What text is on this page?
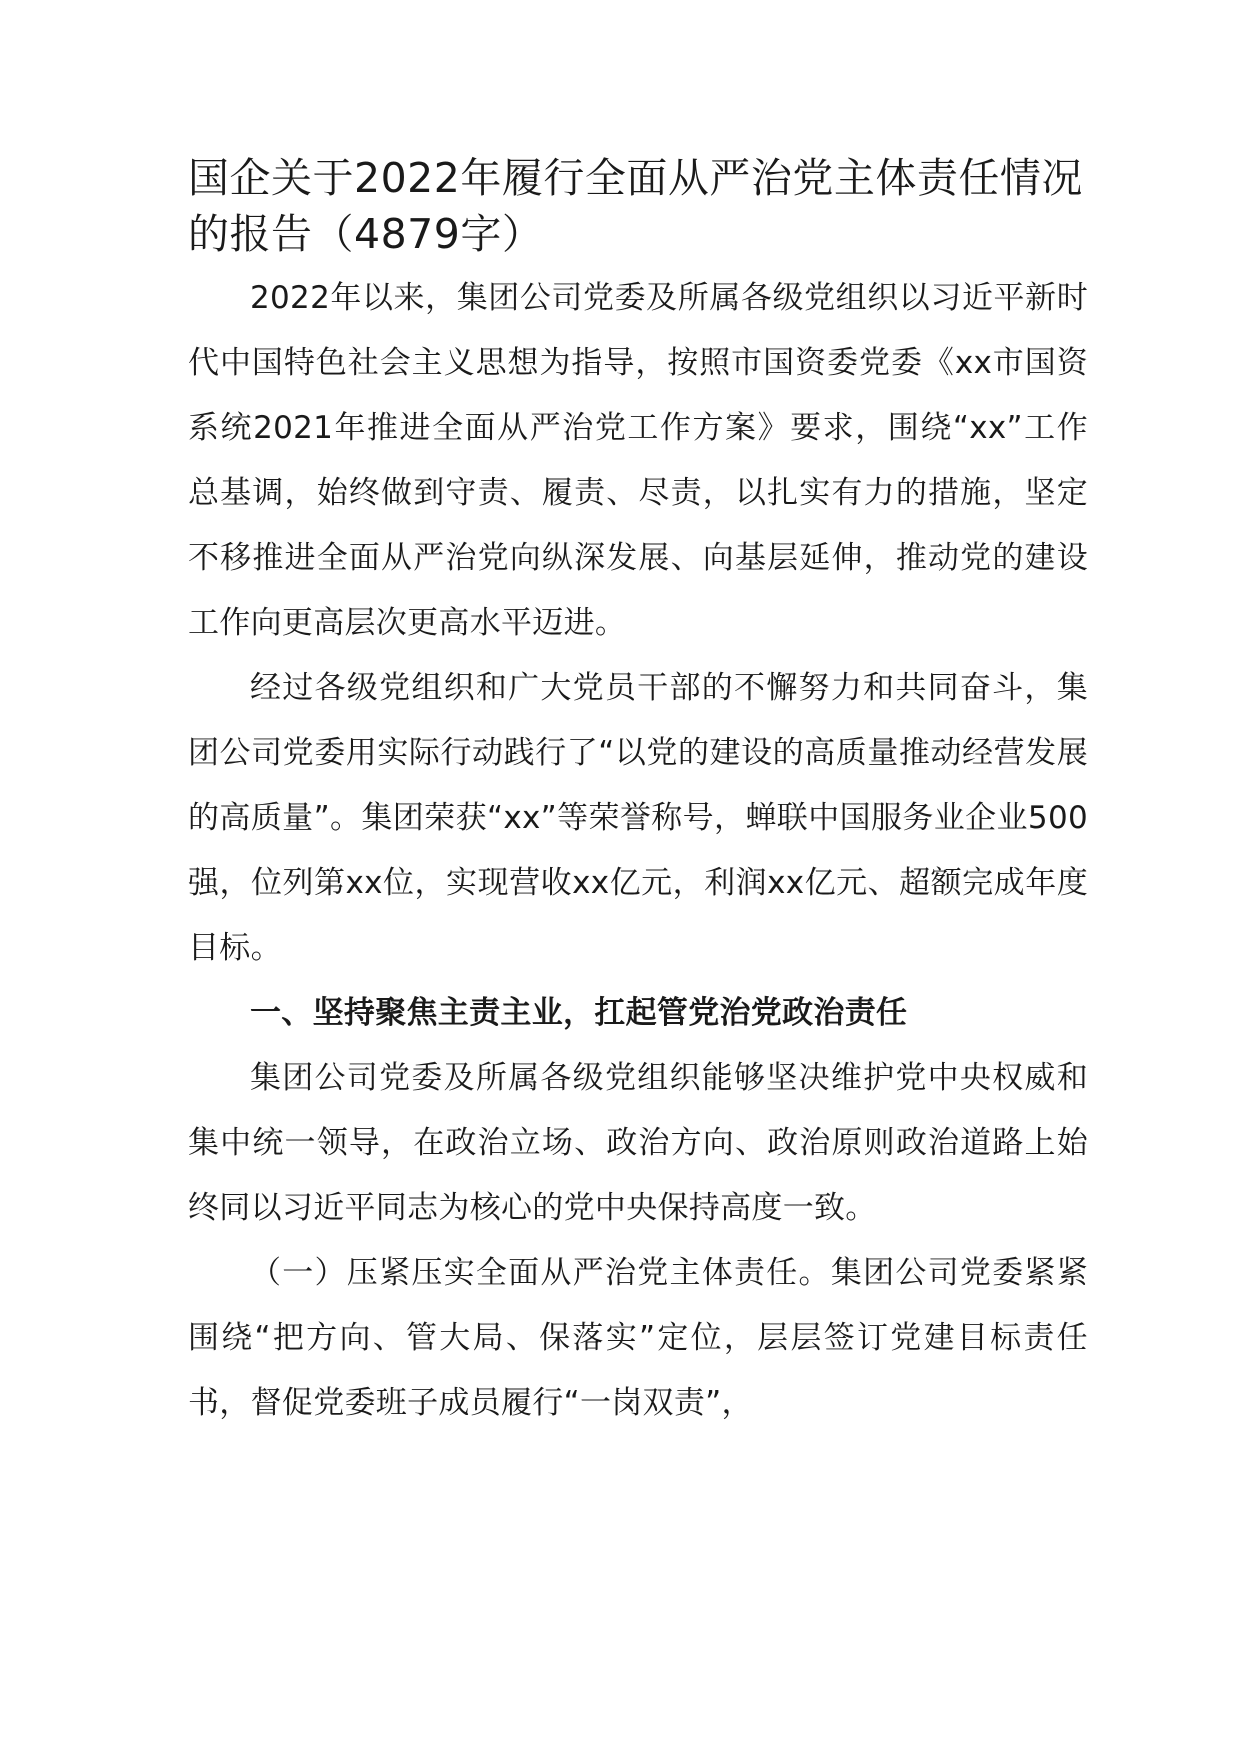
国企关于2022年履行全面从严治党主体责任情况的报告（4879字）

2022年以来，集团公司党委及所属各级党组织以习近平新时代中国特色社会主义思想为指导，按照市国资委党委《xx市国资系统2021年推进全面从严治党工作方案》要求，围绕“xx”工作总基调，始终做到守责、履责、尽责，以扎实有力的措施，坚定不移推进全面从严治党向纵深发展、向基层延伸，推动党的建设工作向更高层次更高水平迈进。

经过各级党组织和广大党员干部的不懈努力和共同奋斗，集团公司党委用实际行动践行了“以党的建设的高质量推动经营发展的高质量”。集团荣获“xx”等荣誉称号，蝉联中国服务业企业500强，位列第xx位，实现营收xx亿元，利润xx亿元、超额完成年度目标。

一、坚持聚焦主责主业，扛起管党治党政治责任

集团公司党委及所属各级党组织能够坚决维护党中央权威和集中统一领导，在政治立场、政治方向、政治原则政治道路上始终同以习近平同志为核心的党中央保持高度一致。

（一）压紧压实全面从严治党主体责任。集团公司党委紧紧围绕“把方向、管大局、保落实”定位，层层签订党建目标责任书，督促党委班子成员履行“一岗双责”，
